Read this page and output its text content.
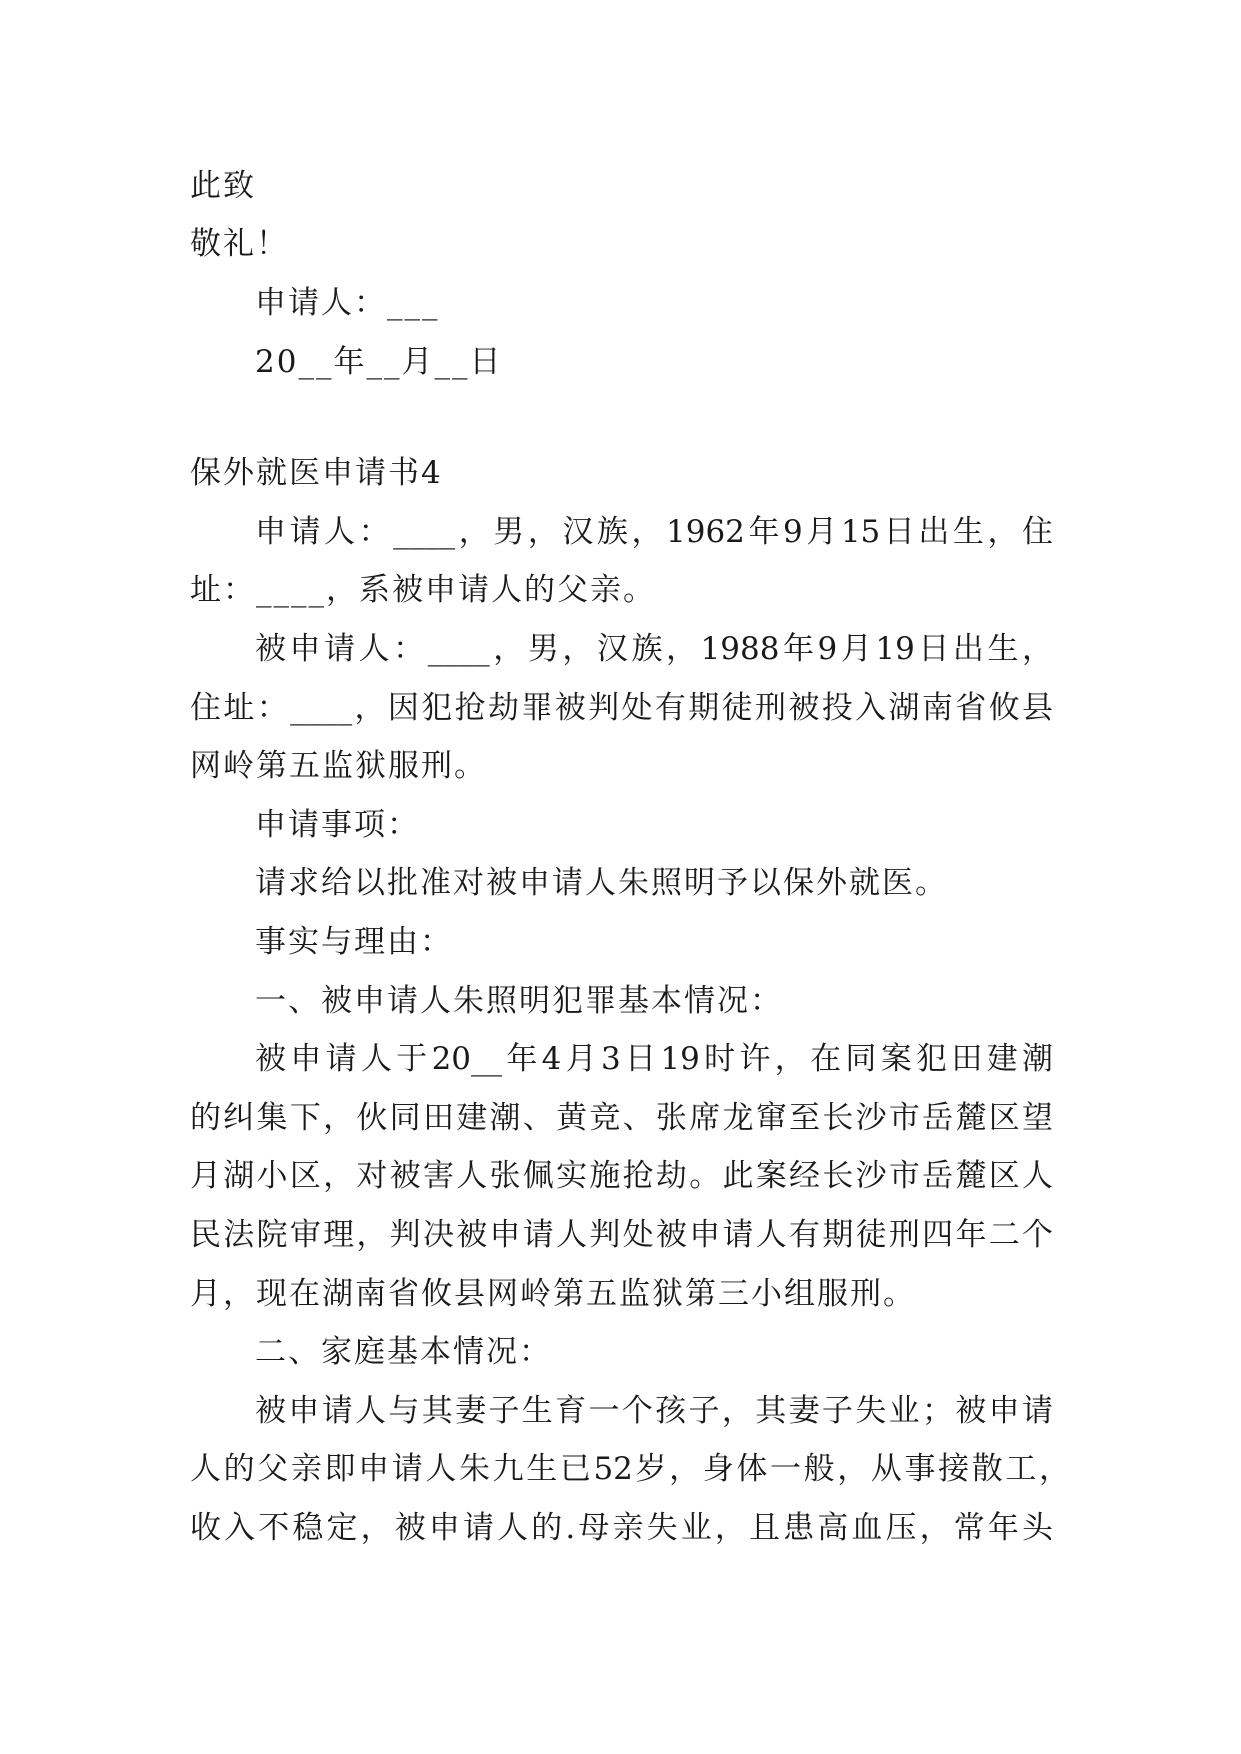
此致
敬礼！
申请人：___
20__年__月__日
保外就医申请书4
申请人：____，男，汉族，1962年9月15日出生，住
址：____，系被申请人的父亲。
被申请人：____，男，汉族，1988年9月19日出生，
住址：____，因犯抢劫罪被判处有期徒刑被投入湖南省攸县
网岭第五监狱服刑。
申请事项：
请求给以批准对被申请人朱照明予以保外就医。
事实与理由：
一、被申请人朱照明犯罪基本情况：
被申请人于20__年4月3日19时许，在同案犯田建潮
的纠集下，伙同田建潮、黄竞、张席龙窜至长沙市岳麓区望
月湖小区，对被害人张佩实施抢劫。此案经长沙市岳麓区人
民法院审理，判决被申请人判处被申请人有期徒刑四年二个
月，现在湖南省攸县网岭第五监狱第三小组服刑。
二、家庭基本情况：
被申请人与其妻子生育一个孩子，其妻子失业；被申请
人的父亲即申请人朱九生已52岁，身体一般，从事接散工，
收入不稳定，被申请人的.母亲失业，且患高血压，常年头
